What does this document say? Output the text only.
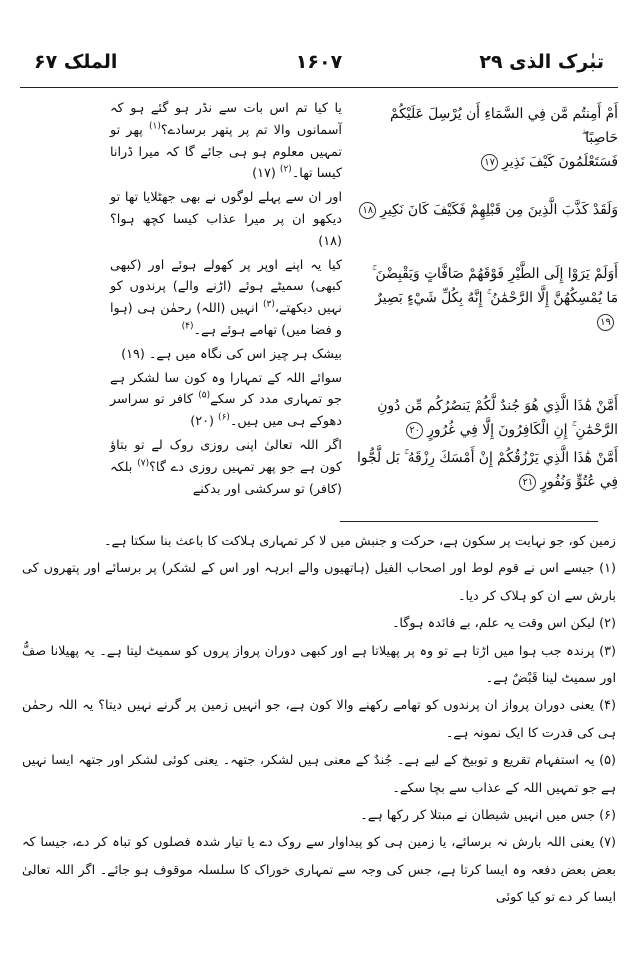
تبٰرک الذی ۲۹
۱۶۰۷
الملک ۶۷
أَمْ أَمِنتُم مَّن فِي السَّمَاءِ أَن يُرْسِلَ عَلَيْكُمْ حَاصِبًا ۖ
فَسَتَعْلَمُونَ كَيْفَ نَذِيرِ۱۷
وَلَقَدْ كَذَّبَ الَّذِينَ مِن قَبْلِهِمْ فَكَيْفَ كَانَ نَكِيرِ۱۸
أَوَلَمْ يَرَوْا إِلَى الطَّيْرِ فَوْقَهُمْ صَافَّاتٍ وَيَقْبِضْنَ ۚ
مَا يُمْسِكُهُنَّ إِلَّا الرَّحْمَٰنُ ۚ إِنَّهُ بِكُلِّ شَيْءٍ بَصِيرٌ۱۹
أَمَّنْ هَٰذَا الَّذِي هُوَ جُندٌ لَّكُمْ يَنصُرُكُم مِّن دُونِ
الرَّحْمَٰنِ ۚ إِنِ الْكَافِرُونَ إِلَّا فِي غُرُورٍ۲۰
أَمَّنْ هَٰذَا الَّذِي يَرْزُقُكُمْ إِنْ أَمْسَكَ رِزْقَهُ ۚ بَل لَّجُّوا
فِي عُتُوٍّ وَنُفُورٍ۲۱

یا کیا تم اس بات سے نڈر ہو گئے ہو کہ آسمانوں والا تم پر پتھر برسادے؟$^{(۱)}$ پھر تو تمہیں معلوم ہو ہی جائے گا کہ میرا ڈرانا کیسا تھا۔$^{(۲)}$ (۱۷)

اور ان سے پہلے لوگوں نے بھی جھٹلایا تھا تو دیکھو ان پر میرا عذاب کیسا کچھ ہوا؟ (۱۸)

کیا یہ اپنے اوپر پر کھولے ہوئے اور (کبھی کبھی) سمیٹے ہوئے (اڑنے والے) پرندوں کو نہیں دیکھتے،$^{(۳)}$ انہیں (اللہ) رحمٰن ہی (ہوا و فضا میں) تھامے ہوئے ہے۔$^{(۴)}$

بیشک ہر چیز اس کی نگاہ میں ہے۔ (۱۹)

سوائے اللہ کے تمہارا وہ کون سا لشکر ہے جو تمہاری مدد کر سکے$^{(۵)}$ کافر تو سراسر دھوکے ہی میں ہیں۔$^{(۶)}$ (۲۰)

اگر اللہ تعالیٰ اپنی روزی روک لے تو بتاؤ کون ہے جو پھر تمہیں روزی دے گا؟$^{(۷)}$ بلکہ (کافر) تو سرکشی اور بدکنے

زمین کو، جو نہایت پر سکون ہے، حرکت و جنبش میں لا کر تمہاری ہلاکت کا باعث بنا سکتا ہے۔

(۱) جیسے اس نے قوم لوط اور اصحاب الفیل (ہاتھیوں والے ابرہہ اور اس کے لشکر) پر برسائے اور پتھروں کی بارش سے ان کو ہلاک کر دیا۔

(۲) لیکن اس وقت یہ علم، بے فائدہ ہوگا۔

(۳) پرندہ جب ہوا میں اڑتا ہے تو وہ پر پھیلاتا ہے اور کبھی دوران پرواز پروں کو سمیٹ لیتا ہے۔ یہ پھیلانا صفٌّ اور سمیٹ لینا قَبْضٌ ہے۔

(۴) یعنی دوران پرواز ان پرندوں کو تھامے رکھنے والا کون ہے، جو انہیں زمین پر گرنے نہیں دیتا؟ یہ اللہ رحمٰن ہی کی قدرت کا ایک نمونہ ہے۔

(۵) یہ استفہام تقریع و توبیخ کے لیے ہے۔ جُندٌ کے معنی ہیں لشکر، جتھہ۔ یعنی کوئی لشکر اور جتھہ ایسا نہیں ہے جو تمہیں اللہ کے عذاب سے بچا سکے۔

(۶) جس میں انہیں شیطان نے مبتلا کر رکھا ہے۔

(۷) یعنی اللہ بارش نہ برسائے، یا زمین ہی کو پیداوار سے روک دے یا تیار شدہ فصلوں کو تباہ کر دے، جیسا کہ بعض بعض دفعہ وہ ایسا کرتا ہے، جس کی وجہ سے تمہاری خوراک کا سلسلہ موقوف ہو جائے۔ اگر اللہ تعالیٰ ایسا کر دے تو کیا کوئی
